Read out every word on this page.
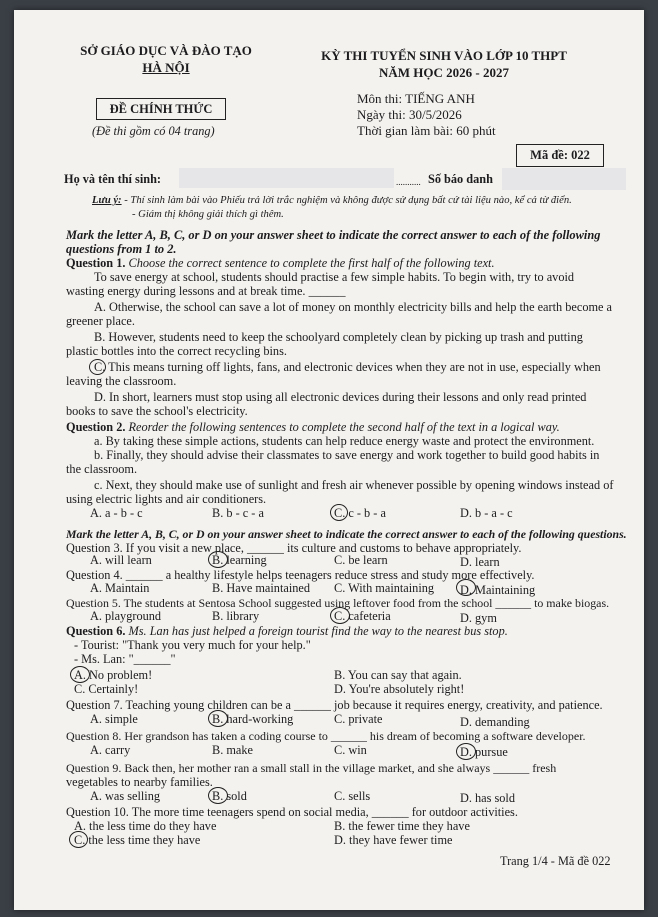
SỞ GIÁO DỤC VÀ ĐÀO TẠO
HÀ NỘI
KỲ THI TUYỂN SINH VÀO LỚP 10 THPT
NĂM HỌC 2026 - 2027
ĐỀ CHÍNH THỨC
(Đề thi gồm có 04 trang)
Môn thi: TIẾNG ANH
Ngày thi: 30/5/2026
Thời gian làm bài: 60 phút
Mã đề: 022
Họ và tên thí sinh:	........... Số báo danh
Lưu ý: - Thí sinh làm bài vào Phiếu trả lời trắc nghiệm và không được sử dụng bất cứ tài liệu nào, kể cả từ điển.
- Giám thị không giải thích gì thêm.
Mark the letter A, B, C, or D on your answer sheet to indicate the correct answer to each of the following
questions from 1 to 2.
Question 1. Choose the correct sentence to complete the first half of the following text.
To save energy at school, students should practise a few simple habits. To begin with, try to avoid
wasting energy during lessons and at break time. ______
A. Otherwise, the school can save a lot of money on monthly electricity bills and help the earth become a
greener place.
B. However, students need to keep the schoolyard completely clean by picking up trash and putting
plastic bottles into the correct recycling bins.
C. This means turning off lights, fans, and electronic devices when they are not in use, especially when
leaving the classroom.
D. In short, learners must stop using all electronic devices during their lessons and only read printed
books to save the school's electricity.
Question 2. Reorder the following sentences to complete the second half of the text in a logical way.
a. By taking these simple actions, students can help reduce energy waste and protect the environment.
b. Finally, they should advise their classmates to save energy and work together to build good habits in
the classroom.
c. Next, they should make use of sunlight and fresh air whenever possible by opening windows instead of
using electric lights and air conditioners.
A. a - b - c	B. b - c - a	C. c - b - a	D. b - a - c
Mark the letter A, B, C, or D on your answer sheet to indicate the correct answer to each of the following questions.
Question 3. If you visit a new place, ______ its culture and customs to behave appropriately.
A. will learn	B. learning	C. be learn	D. learn
Question 4. ______ a healthy lifestyle helps teenagers reduce stress and study more effectively.
A. Maintain	B. Have maintained C. With maintaining D. Maintaining
Question 5. The students at Sentosa School suggested using leftover food from the school ______ to make biogas.
A. playground	B. library	C. cafeteria	D. gym
Question 6. Ms. Lan has just helped a foreign tourist find the way to the nearest bus stop.
- Tourist: "Thank you very much for your help."
- Ms. Lan: "______"
A. No problem!	B. You can say that again.
C. Certainly!	D. You're absolutely right!
Question 7. Teaching young children can be a ______ job because it requires energy, creativity, and patience.
A. simple	B. hard-working	C. private	D. demanding
Question 8. Her grandson has taken a coding course to ______ his dream of becoming a software developer.
A. carry	B. make	C. win	D. pursue
Question 9. Back then, her mother ran a small stall in the village market, and she always ______ fresh
vegetables to nearby families.
A. was selling	B. sold	C. sells	D. has sold
Question 10. The more time teenagers spend on social media, ______ for outdoor activities.
A. the less time do they have	B. the fewer time they have
C. the less time they have	D. they have fewer time
Trang 1/4 - Mã đề 022
